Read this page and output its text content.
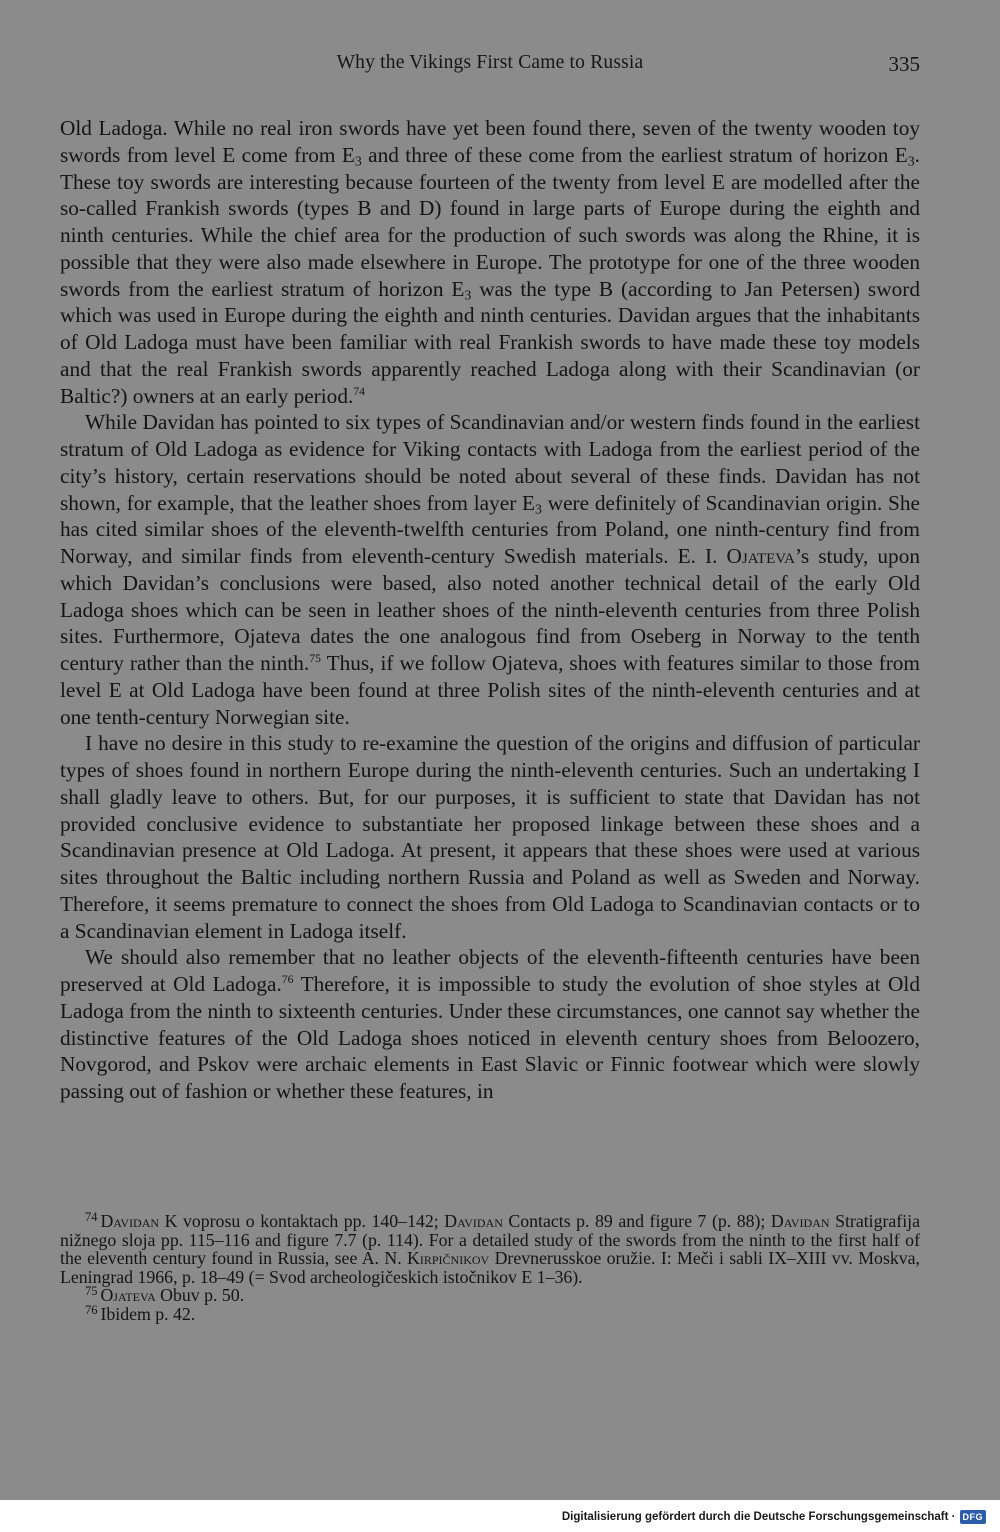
Why the Vikings First Came to Russia	335

Old Ladoga. While no real iron swords have yet been found there, seven of the twenty wooden toy swords from level E come from $E_3$ and three of these come from the earliest stratum of horizon $E_3$. These toy swords are interesting because fourteen of the twenty from level E are modelled after the so-called Frankish swords (types B and D) found in large parts of Europe during the eighth and ninth centuries. While the chief area for the production of such swords was along the Rhine, it is possible that they were also made elsewhere in Europe. The prototype for one of the three wooden swords from the earliest stratum of horizon $E_3$ was the type B (according to Jan Petersen) sword which was used in Europe during the eighth and ninth centuries. Davidan argues that the inhabitants of Old Ladoga must have been familiar with real Frankish swords to have made these toy models and that the real Frankish swords apparently reached Ladoga along with their Scandinavian (or Baltic?) owners at an early period.$^{74}$

While Davidan has pointed to six types of Scandinavian and/or western finds found in the earliest stratum of Old Ladoga as evidence for Viking contacts with Ladoga from the earliest period of the city’s history, certain reservations should be noted about several of these finds. Davidan has not shown, for example, that the leather shoes from layer $E_3$ were definitely of Scandinavian origin. She has cited similar shoes of the eleventh-twelfth centuries from Poland, one ninth-century find from Norway, and similar finds from eleventh-century Swedish materials. E. I. Ojateva’s study, upon which Davidan’s conclusions were based, also noted another technical detail of the early Old Ladoga shoes which can be seen in leather shoes of the ninth-eleventh centuries from three Polish sites. Furthermore, Ojateva dates the one analogous find from Oseberg in Norway to the tenth century rather than the ninth.$^{75}$ Thus, if we follow Ojateva, shoes with features similar to those from level E at Old Ladoga have been found at three Polish sites of the ninth-eleventh centuries and at one tenth-century Norwegian site.

I have no desire in this study to re-examine the question of the origins and diffusion of particular types of shoes found in northern Europe during the ninth-eleventh centuries. Such an undertaking I shall gladly leave to others. But, for our purposes, it is sufficient to state that Davidan has not provided conclusive evidence to substantiate her proposed linkage between these shoes and a Scandinavian presence at Old Ladoga. At present, it appears that these shoes were used at various sites throughout the Baltic including northern Russia and Poland as well as Sweden and Norway. Therefore, it seems premature to connect the shoes from Old Ladoga to Scandinavian contacts or to a Scandinavian element in Ladoga itself.

We should also remember that no leather objects of the eleventh-fifteenth centuries have been preserved at Old Ladoga.$^{76}$ Therefore, it is impossible to study the evolution of shoe styles at Old Ladoga from the ninth to sixteenth centuries. Under these circumstances, one cannot say whether the distinctive features of the Old Ladoga shoes noticed in eleventh century shoes from Beloozero, Novgorod, and Pskov were archaic elements in East Slavic or Finnic footwear which were slowly passing out of fashion or whether these features, in

$^{74}$ Davidan K voprosu o kontaktach pp. 140–142; Davidan Contacts p. 89 and figure 7 (p. 88); Davidan Stratigrafija nižnego sloja pp. 115–116 and figure 7.7 (p. 114). For a detailed study of the swords from the ninth to the first half of the eleventh century found in Russia, see A. N. Kirpičnikov Drevnerusskoe oružie. I: Meči i sabli IX–XIII vv. Moskva, Leningrad 1966, p. 18–49 (= Svod archeologičeskich istočnikov E 1–36).

$^{75}$ Ojateva Obuv p. 50.

$^{76}$ Ibidem p. 42.

Digitalisierung gefördert durch die Deutsche Forschungsgemeinschaft · DFG
